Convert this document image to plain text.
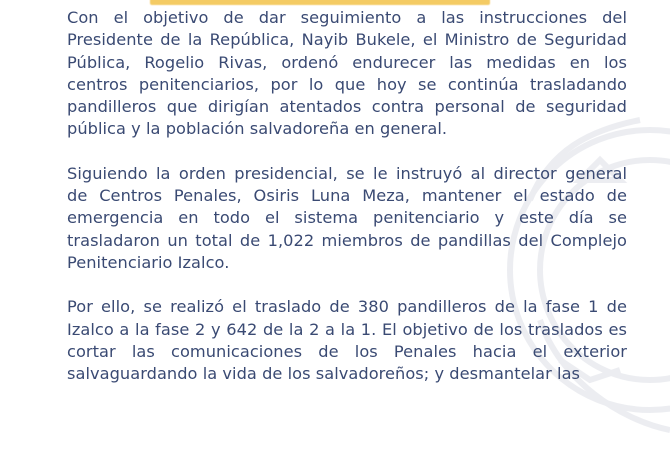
Con el objetivo de dar seguimiento a las instrucciones del
Presidente de la República, Nayib Bukele, el Ministro de Seguridad
Pública, Rogelio Rivas, ordenó endurecer las medidas en los
centros penitenciarios, por lo que hoy se continúa trasladando
pandilleros que dirigían atentados contra personal de seguridad
pública y la población salvadoreña en general.

Siguiendo la orden presidencial, se le instruyó al director general
de Centros Penales, Osiris Luna Meza, mantener el estado de
emergencia en todo el sistema penitenciario y este día se
trasladaron un total de 1,022 miembros de pandillas del Complejo
Penitenciario Izalco.

Por ello, se realizó el traslado de 380 pandilleros de la fase 1 de
Izalco a la fase 2 y 642 de la 2 a la 1. El objetivo de los traslados es
cortar las comunicaciones de los Penales hacia el exterior
salvaguardando la vida de los salvadoreños; y desmantelar las
